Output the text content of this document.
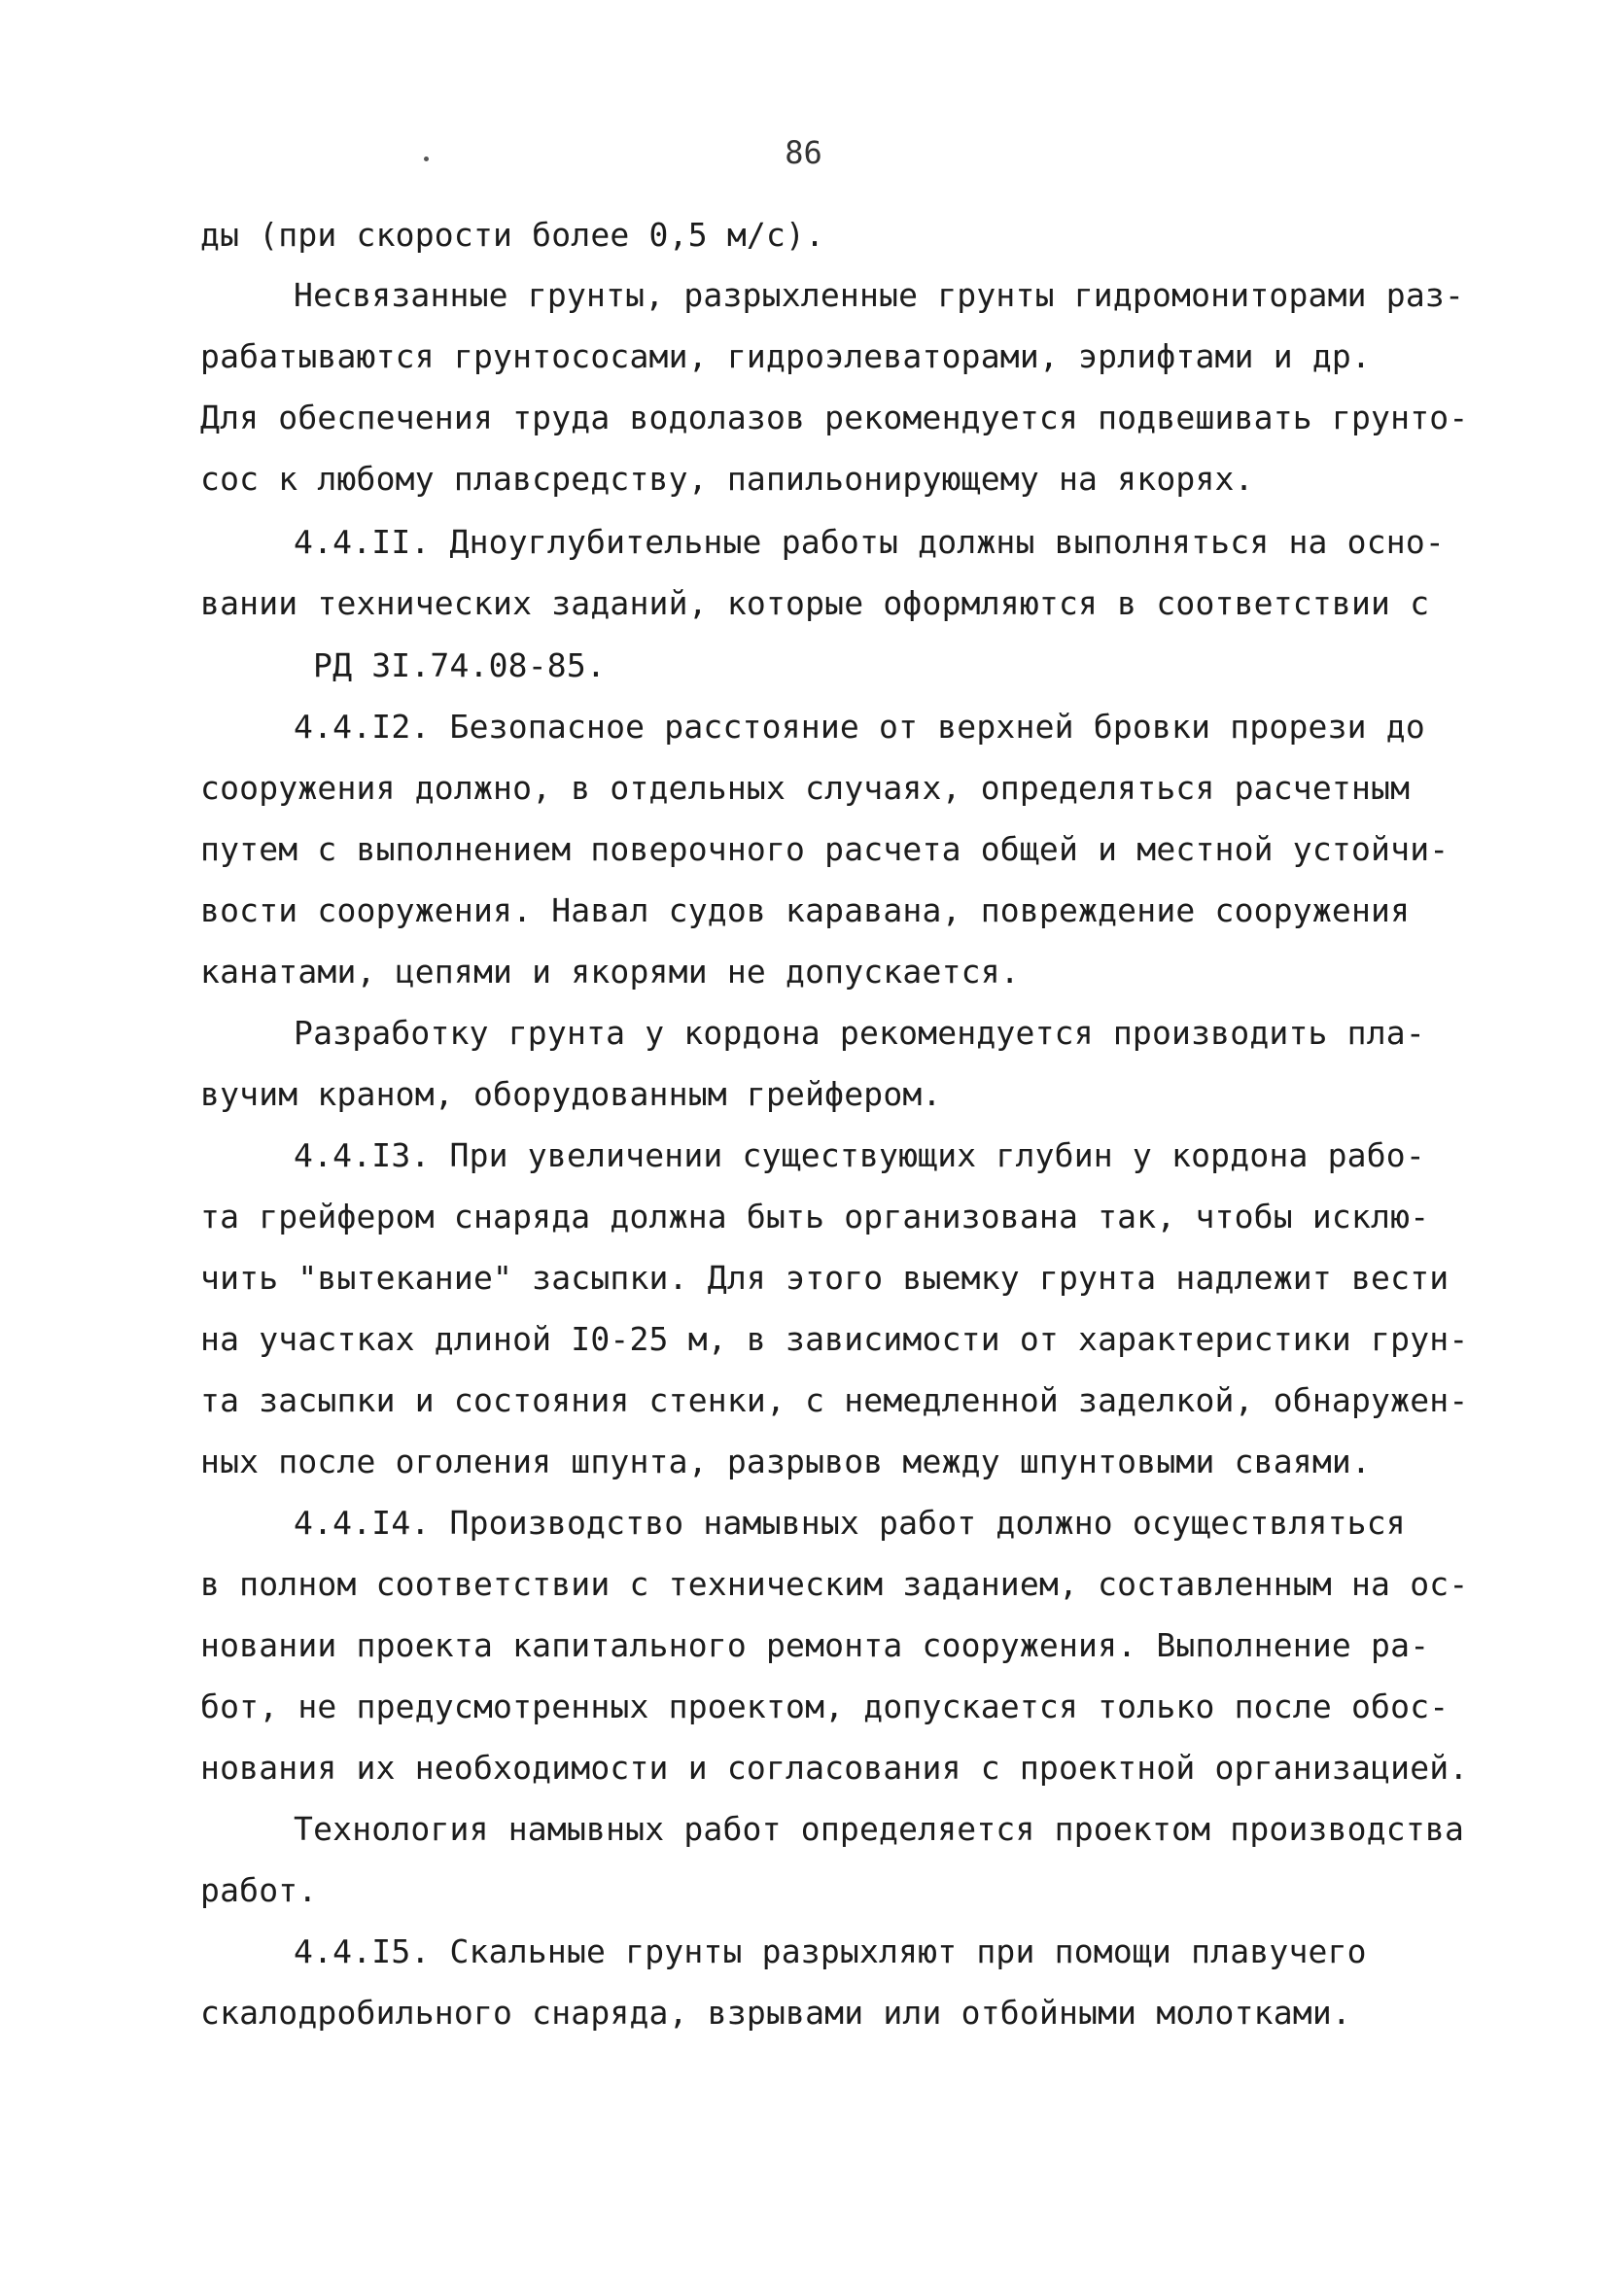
86
ды (при скорости более 0,5 м/с).
Несвязанные грунты, разрыхленные грунты гидромониторами раз-
рабатываются грунтососами, гидроэлеваторами, эрлифтами и др.
Для обеспечения труда водолазов рекомендуется подвешивать грунто-
сос к любому плавсредству, папильонирующему на якорях.
4.4.II. Дноуглубительные работы должны выполняться на осно-
вании технических заданий, которые оформляются в соответствии с
РД 3I.74.08-85.
4.4.I2. Безопасное расстояние от верхней бровки прорези до
сооружения должно, в отдельных случаях, определяться расчетным
путем с выполнением поверочного расчета общей и местной устойчи-
вости сооружения. Навал судов каравана, повреждение сооружения
канатами, цепями и якорями не допускается.
Разработку грунта у кордона рекомендуется производить пла-
вучим краном, оборудованным грейфером.
4.4.I3. При увеличении существующих глубин у кордона рабо-
та грейфером снаряда должна быть организована так, чтобы исклю-
чить "вытекание" засыпки. Для этого выемку грунта надлежит вести
на участках длиной I0-25 м, в зависимости от характеристики грун-
та засыпки и состояния стенки, с немедленной заделкой, обнаружен-
ных после оголения шпунта, разрывов между шпунтовыми сваями.
4.4.I4. Производство намывных работ должно осуществляться
в полном соответствии с техническим заданием, составленным на ос-
новании проекта капитального ремонта сооружения. Выполнение ра-
бот, не предусмотренных проектом, допускается только после обос-
нования их необходимости и согласования с проектной организацией.
Технология намывных работ определяется проектом производства
работ.
4.4.I5. Скальные грунты разрыхляют при помощи плавучего
скалодробильного снаряда, взрывами или отбойными молотками.
